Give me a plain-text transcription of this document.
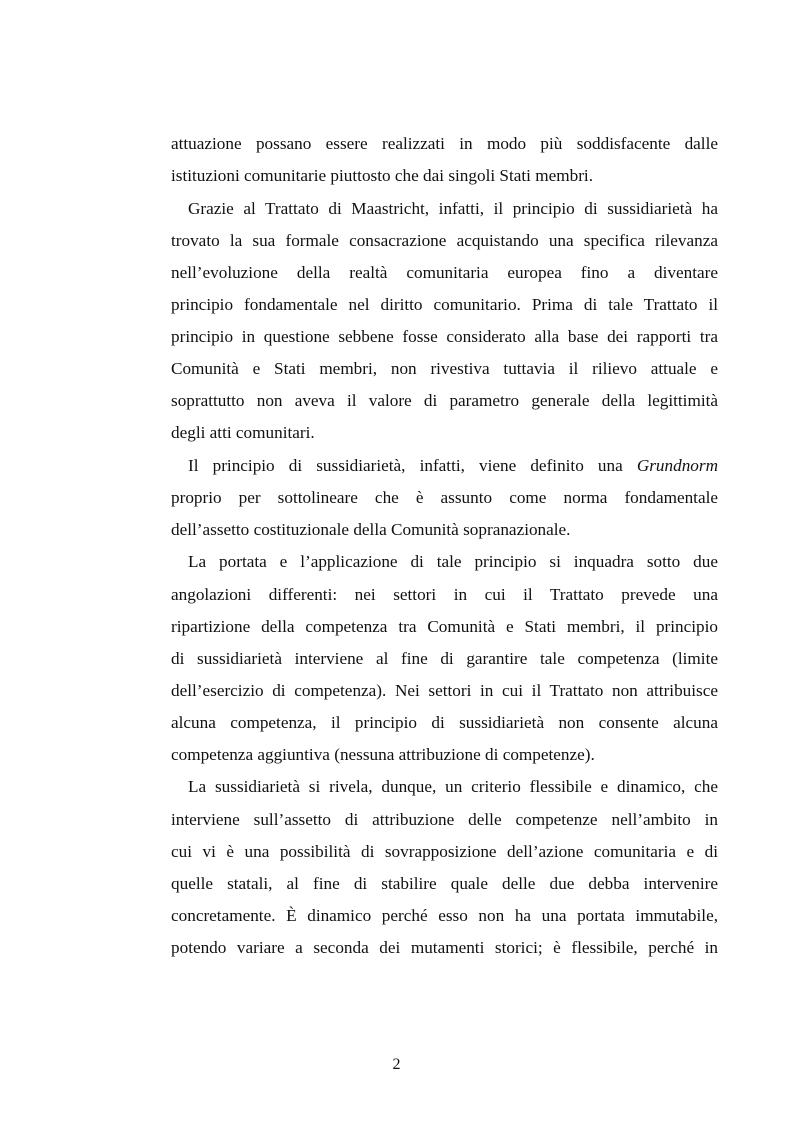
attuazione possano essere realizzati in modo più soddisfacente dalle
istituzioni comunitarie piuttosto che dai singoli Stati membri.
Grazie al Trattato di Maastricht, infatti, il principio di sussidiarietà ha
trovato la sua formale consacrazione acquistando una specifica rilevanza
nell’evoluzione della realtà comunitaria europea fino a diventare
principio fondamentale nel diritto comunitario. Prima di tale Trattato il
principio in questione sebbene fosse considerato alla base dei rapporti tra
Comunità e Stati membri, non rivestiva tuttavia il rilievo attuale e
soprattutto non aveva il valore di parametro generale della legittimità
degli atti comunitari.
Il principio di sussidiarietà, infatti, viene definito una Grundnorm
proprio per sottolineare che è assunto come norma fondamentale
dell’assetto costituzionale della Comunità sopranazionale.
La portata e l’applicazione di tale principio si inquadra sotto due
angolazioni differenti: nei settori in cui il Trattato prevede una
ripartizione della competenza tra Comunità e Stati membri, il principio
di sussidiarietà interviene al fine di garantire tale competenza (limite
dell’esercizio di competenza). Nei settori in cui il Trattato non attribuisce
alcuna competenza, il principio di sussidiarietà non consente alcuna
competenza aggiuntiva (nessuna attribuzione di competenze).
La sussidiarietà si rivela, dunque, un criterio flessibile e dinamico, che
interviene sull’assetto di attribuzione delle competenze nell’ambito in
cui vi è una possibilità di sovrapposizione dell’azione comunitaria e di
quelle statali, al fine di stabilire quale delle due debba intervenire
concretamente. È dinamico perché esso non ha una portata immutabile,
potendo variare a seconda dei mutamenti storici; è flessibile, perché in
2
